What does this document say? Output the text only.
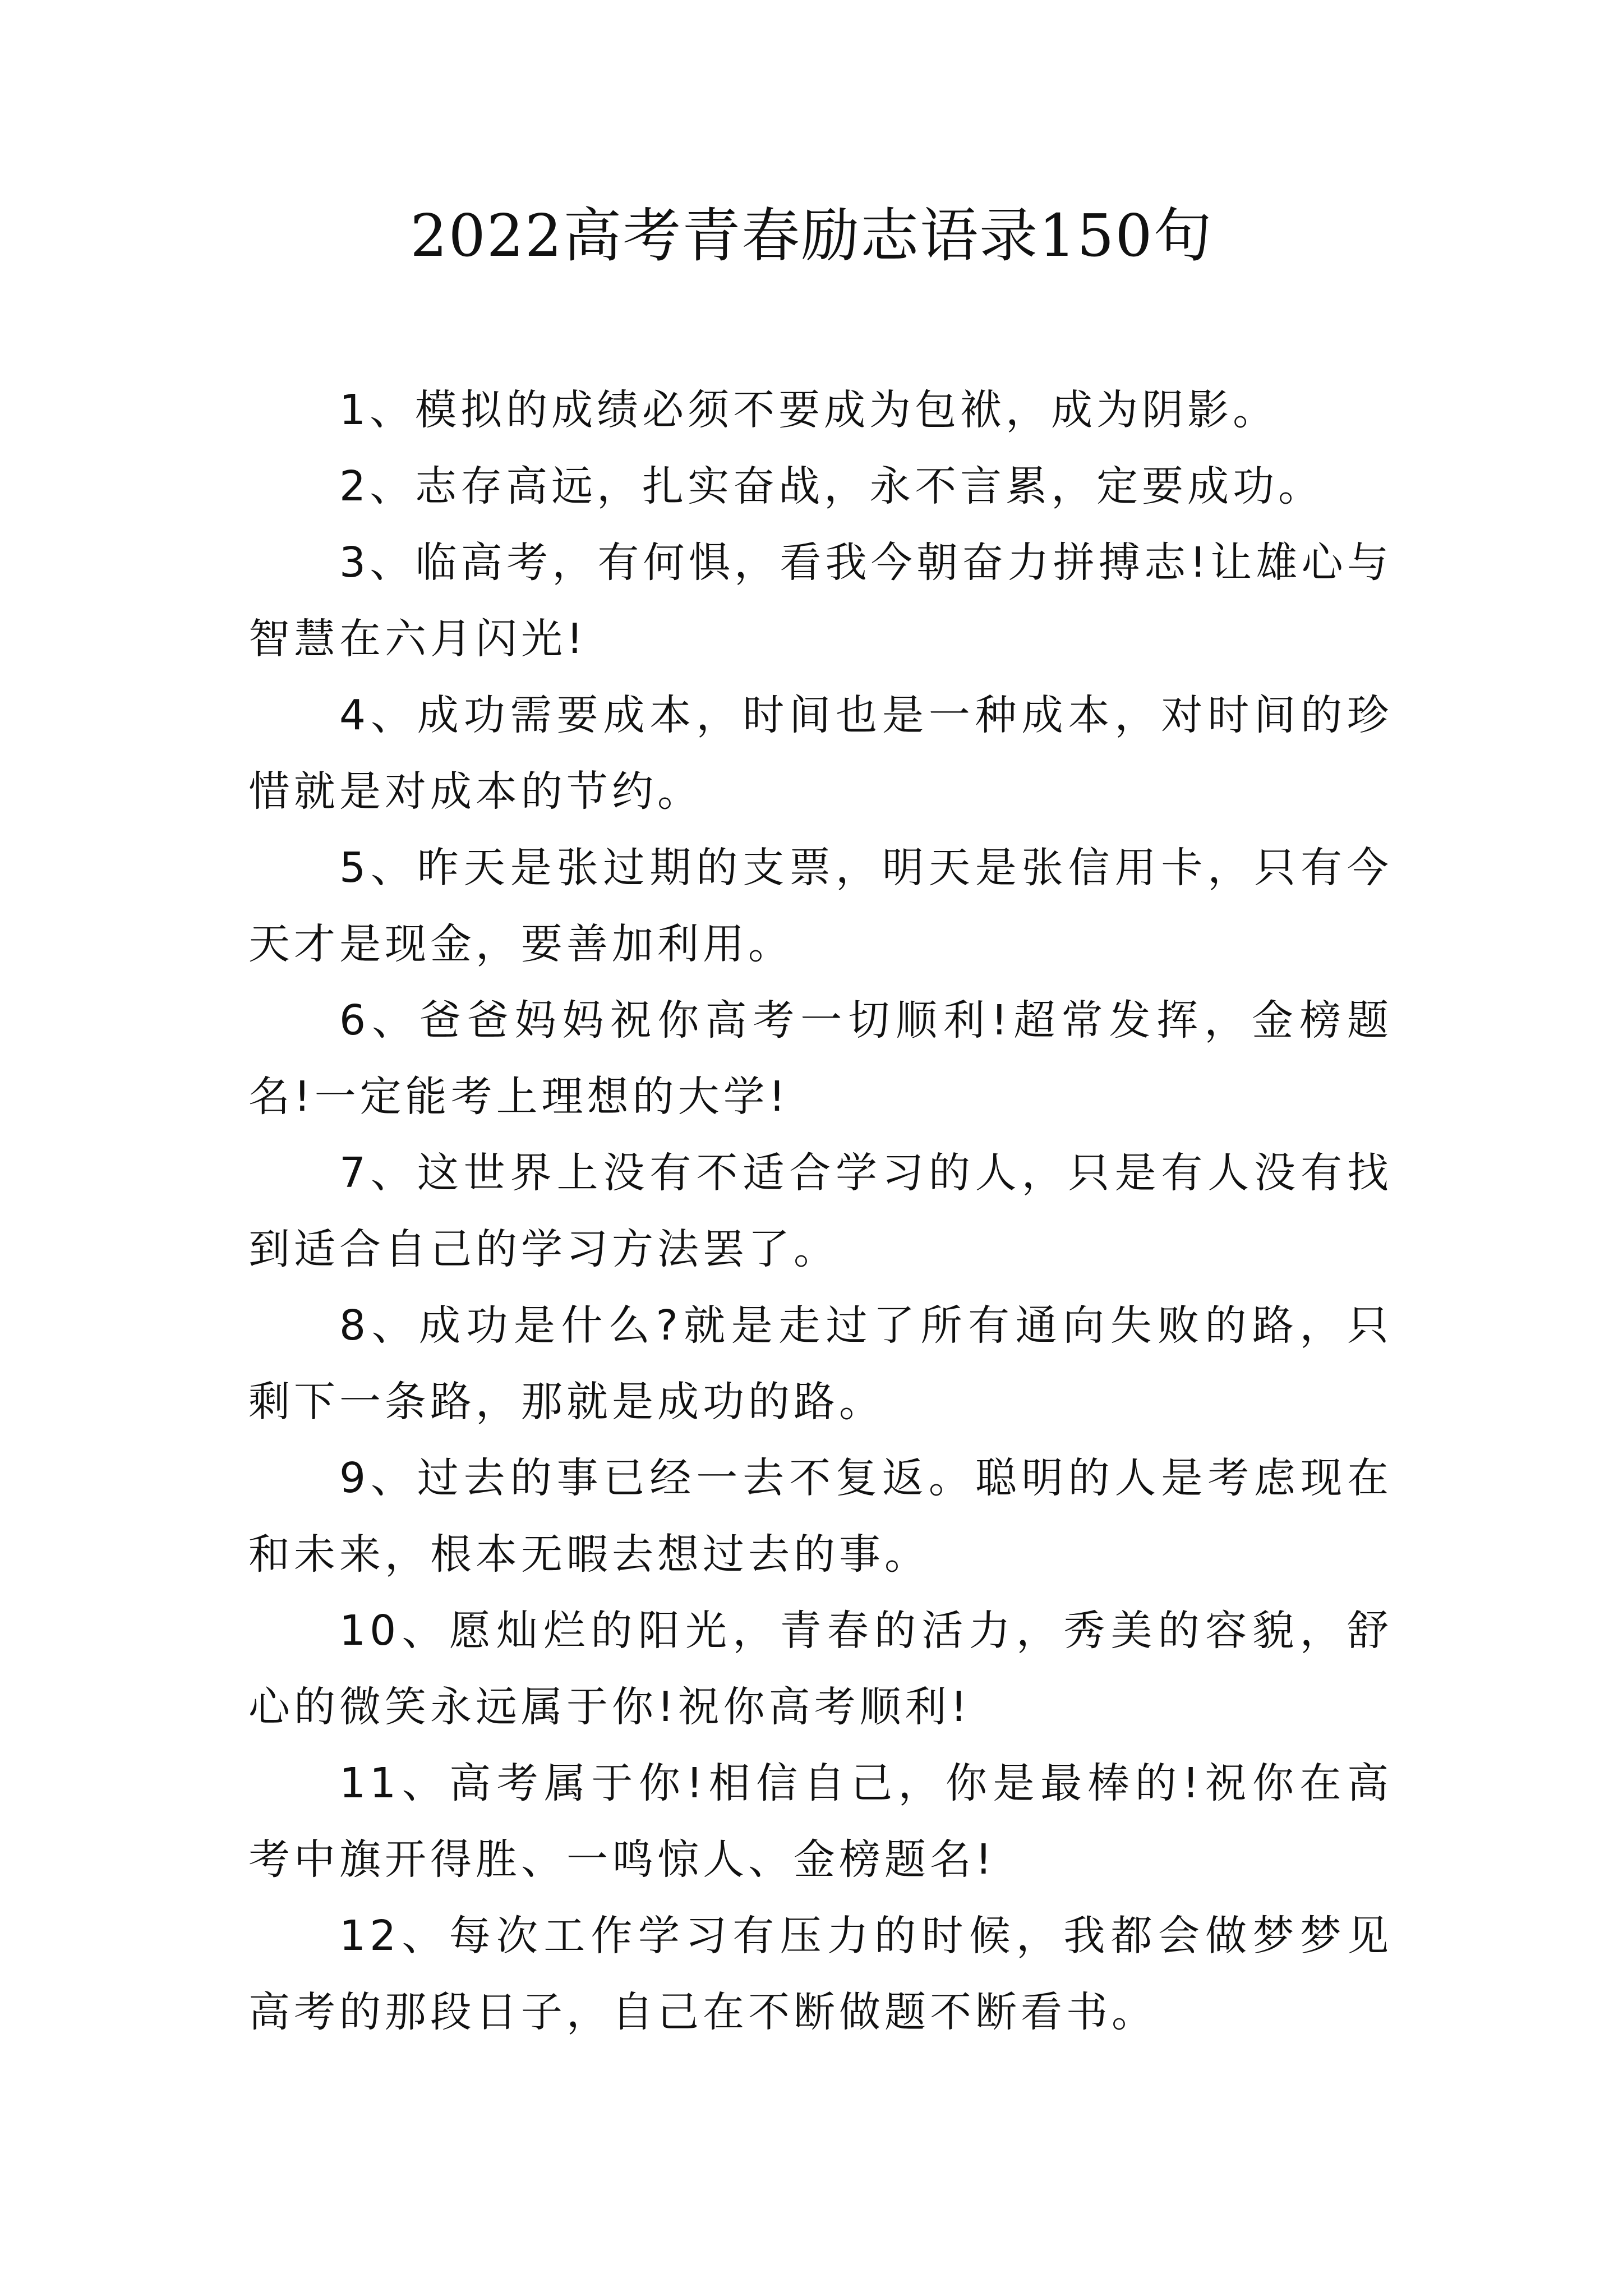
2022高考青春励志语录150句

1、模拟的成绩必须不要成为包袱，成为阴影。

2、志存高远，扎实奋战，永不言累，定要成功。

3、临高考，有何惧，看我今朝奋力拼搏志!让雄心与智慧在六月闪光!

4、成功需要成本，时间也是一种成本，对时间的珍惜就是对成本的节约。

5、昨天是张过期的支票，明天是张信用卡，只有今天才是现金，要善加利用。

6、爸爸妈妈祝你高考一切顺利!超常发挥，金榜题名!一定能考上理想的大学!

7、这世界上没有不适合学习的人，只是有人没有找到适合自己的学习方法罢了。

8、成功是什么?就是走过了所有通向失败的路，只剩下一条路，那就是成功的路。

9、过去的事已经一去不复返。聪明的人是考虑现在和未来，根本无暇去想过去的事。

10、愿灿烂的阳光，青春的活力，秀美的容貌，舒心的微笑永远属于你!祝你高考顺利!

11、高考属于你!相信自己，你是最棒的!祝你在高考中旗开得胜、一鸣惊人、金榜题名!

12、每次工作学习有压力的时候，我都会做梦梦见高考的那段日子，自己在不断做题不断看书。
